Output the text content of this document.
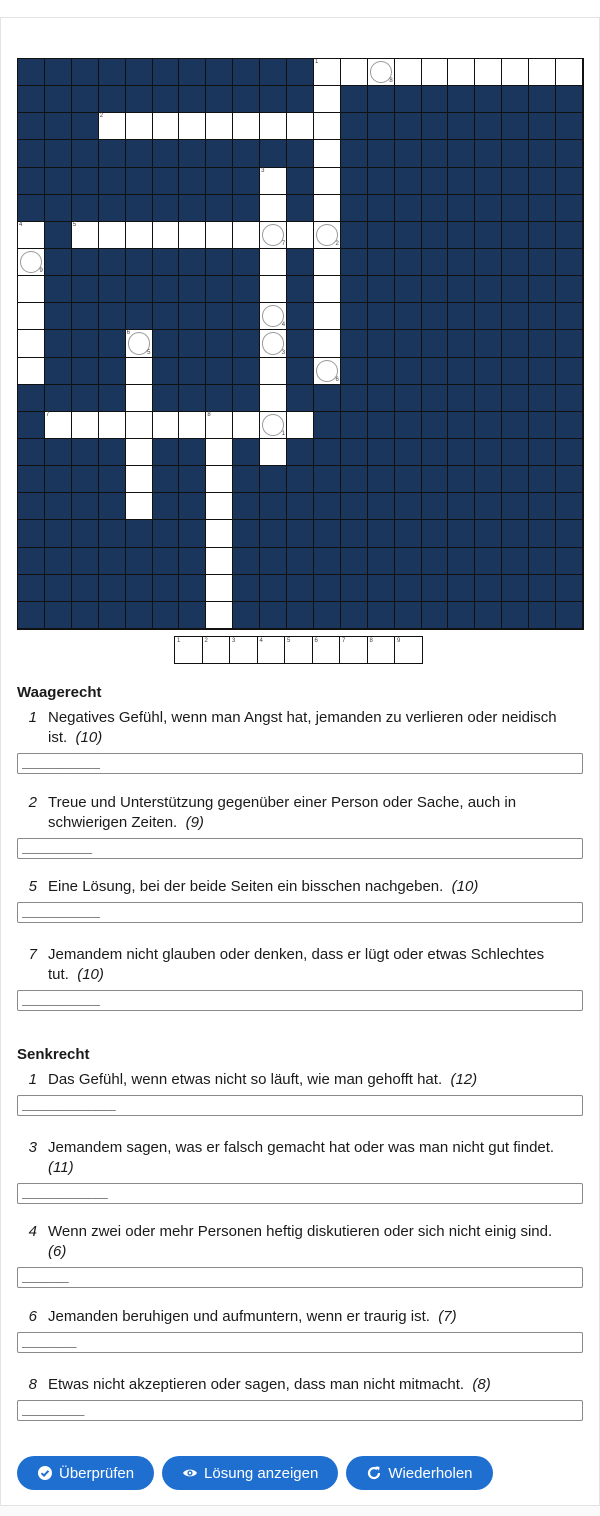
1
8
2
3
4	5
7	2
9
4
6
5	3
6
7	8
1
1	2	3	4	5	6	7	8	9
Waagerecht
1 Negatives Gefühl, wenn man Angst hat, jemanden zu verlieren oder neidisch ist. (10)
__________
2 Treue und Unterstützung gegenüber einer Person oder Sache, auch in schwierigen Zeiten. (9)
_________
5 Eine Lösung, bei der beide Seiten ein bisschen nachgeben. (10)
__________
7 Jemandem nicht glauben oder denken, dass er lügt oder etwas Schlechtes tut. (10)
__________
Senkrecht
1 Das Gefühl, wenn etwas nicht so läuft, wie man gehofft hat. (12)
____________
3 Jemandem sagen, was er falsch gemacht hat oder was man nicht gut findet.  (11)
___________
4 Wenn zwei oder mehr Personen heftig diskutieren oder sich nicht einig sind.  (6)
______
6 Jemanden beruhigen und aufmuntern, wenn er traurig ist. (7)
_______
8 Etwas nicht akzeptieren oder sagen, dass man nicht mitmacht. (8)
________
Überprüfen	Lösung anzeigen	Wiederholen
